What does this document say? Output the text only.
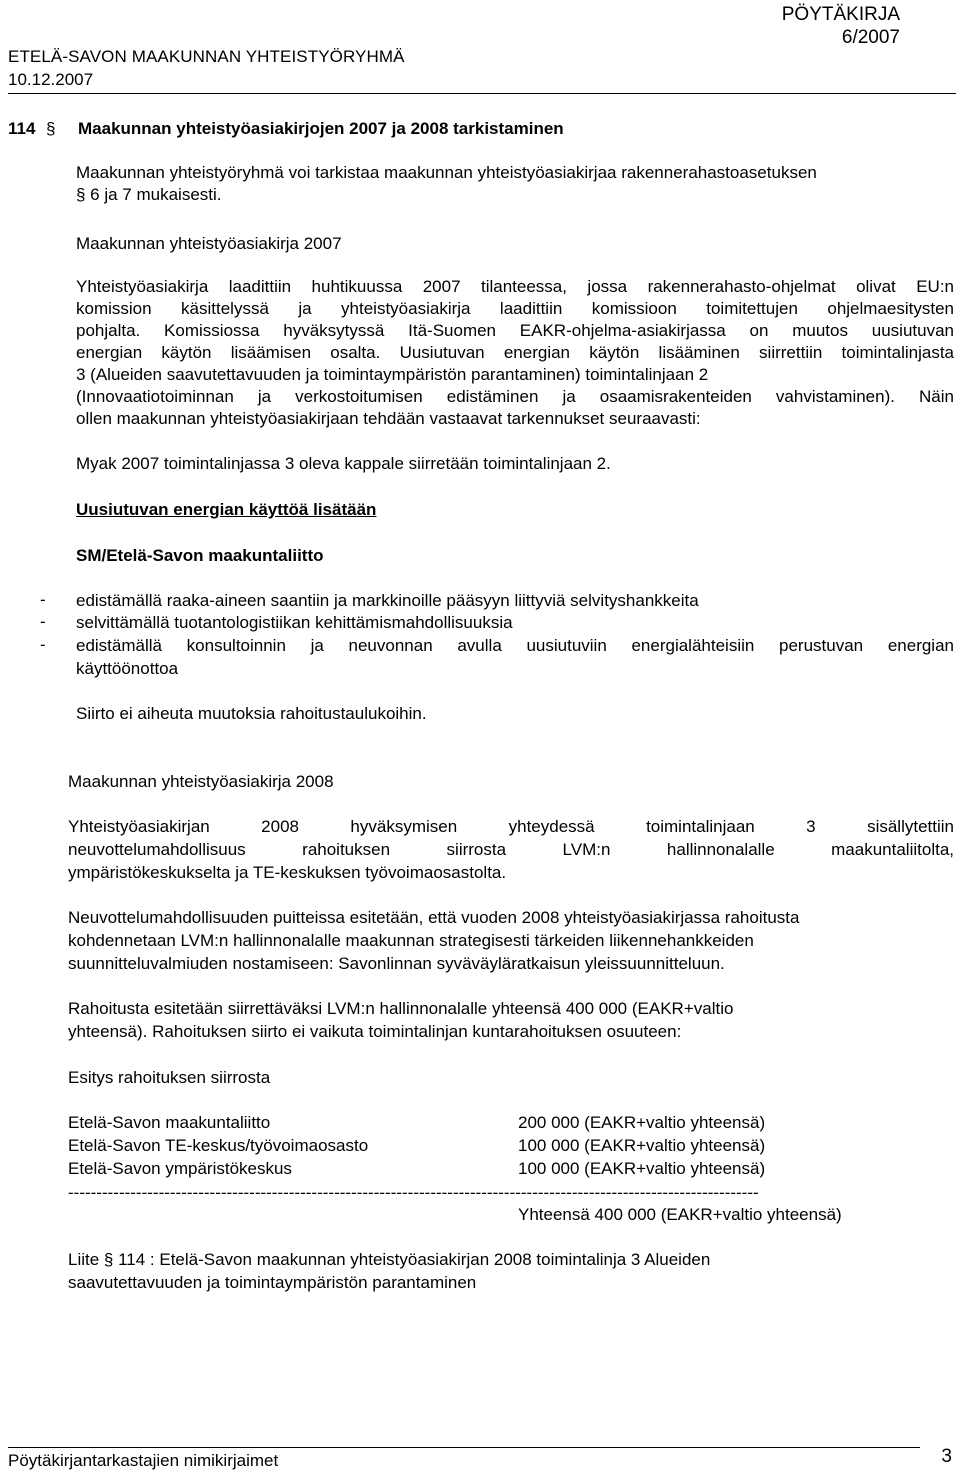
PÖYTÄKIRJA
6/2007
ETELÄ-SAVON MAAKUNNAN YHTEISTYÖRYHMÄ
10.12.2007
114 § Maakunnan yhteistyöasiakirjojen 2007 ja 2008 tarkistaminen

Maakunnan yhteistyöryhmä voi tarkistaa maakunnan yhteistyöasiakirjaa rakennerahastoasetuksen

§ 6 ja 7 mukaisesti.

Maakunnan yhteistyöasiakirja 2007

Yhteistyöasiakirja laadittiin huhtikuussa 2007 tilanteessa, jossa rakennerahasto-ohjelmat olivat EU:n

komission käsittelyssä ja yhteistyöasiakirja laadittiin komissioon toimitettujen ohjelmaesitysten

pohjalta. Komissiossa hyväksytyssä Itä-Suomen EAKR-ohjelma-asiakirjassa on muutos uusiutuvan

energian käytön lisäämisen osalta. Uusiutuvan energian käytön lisääminen siirrettiin toimintalinjasta

3 (Alueiden saavutettavuuden ja toimintaympäristön parantaminen) toimintalinjaan 2

(Innovaatiotoiminnan ja verkostoitumisen edistäminen ja osaamisrakenteiden vahvistaminen). Näin

ollen maakunnan yhteistyöasiakirjaan tehdään vastaavat tarkennukset seuraavasti:

Myak 2007 toimintalinjassa 3 oleva kappale siirretään toimintalinjaan 2.

Uusiutuvan energian käyttöä lisätään

SM/Etelä-Savon maakuntaliitto

- edistämällä raaka-aineen saantiin ja markkinoille pääsyyn liittyviä selvityshankkeita

- selvittämällä tuotantologistiikan kehittämismahdollisuuksia

- edistämällä konsultoinnin ja neuvonnan avulla uusiutuviin energialähteisiin perustuvan energian

käyttöönottoa

Siirto ei aiheuta muutoksia rahoitustaulukoihin.

Maakunnan yhteistyöasiakirja 2008

Yhteistyöasiakirjan 2008 hyväksymisen yhteydessä toimintalinjaan 3 sisällytettiin

neuvottelumahdollisuus rahoituksen siirrosta LVM:n hallinnonalalle maakuntaliitolta,

ympäristökeskukselta ja TE-keskuksen työvoimaosastolta.

Neuvottelumahdollisuuden puitteissa esitetään, että vuoden 2008 yhteistyöasiakirjassa rahoitusta

kohdennetaan LVM:n hallinnonalalle maakunnan strategisesti tärkeiden liikennehankkeiden

suunnitteluvalmiuden nostamiseen: Savonlinnan syväväyläratkaisun yleissuunnitteluun.

Rahoitusta esitetään siirrettäväksi LVM:n hallinnonalalle yhteensä 400 000 (EAKR+valtio

yhteensä). Rahoituksen siirto ei vaikuta toimintalinjan kuntarahoituksen osuuteen:

Esitys rahoituksen siirrosta

Etelä-Savon maakuntaliitto	200 000 (EAKR+valtio yhteensä)

Etelä-Savon TE-keskus/työvoimaosasto	100 000 (EAKR+valtio yhteensä)

Etelä-Savon ympäristökeskus	100 000 (EAKR+valtio yhteensä)
--------------------------------------------------------------------------------------------------------------------------
Yhteensä 400 000 (EAKR+valtio yhteensä)

Liite § 114 : Etelä-Savon maakunnan yhteistyöasiakirjan 2008 toimintalinja 3 Alueiden

saavutettavuuden ja toimintaympäristön parantaminen

Pöytäkirjantarkastajien nimikirjaimet	3
